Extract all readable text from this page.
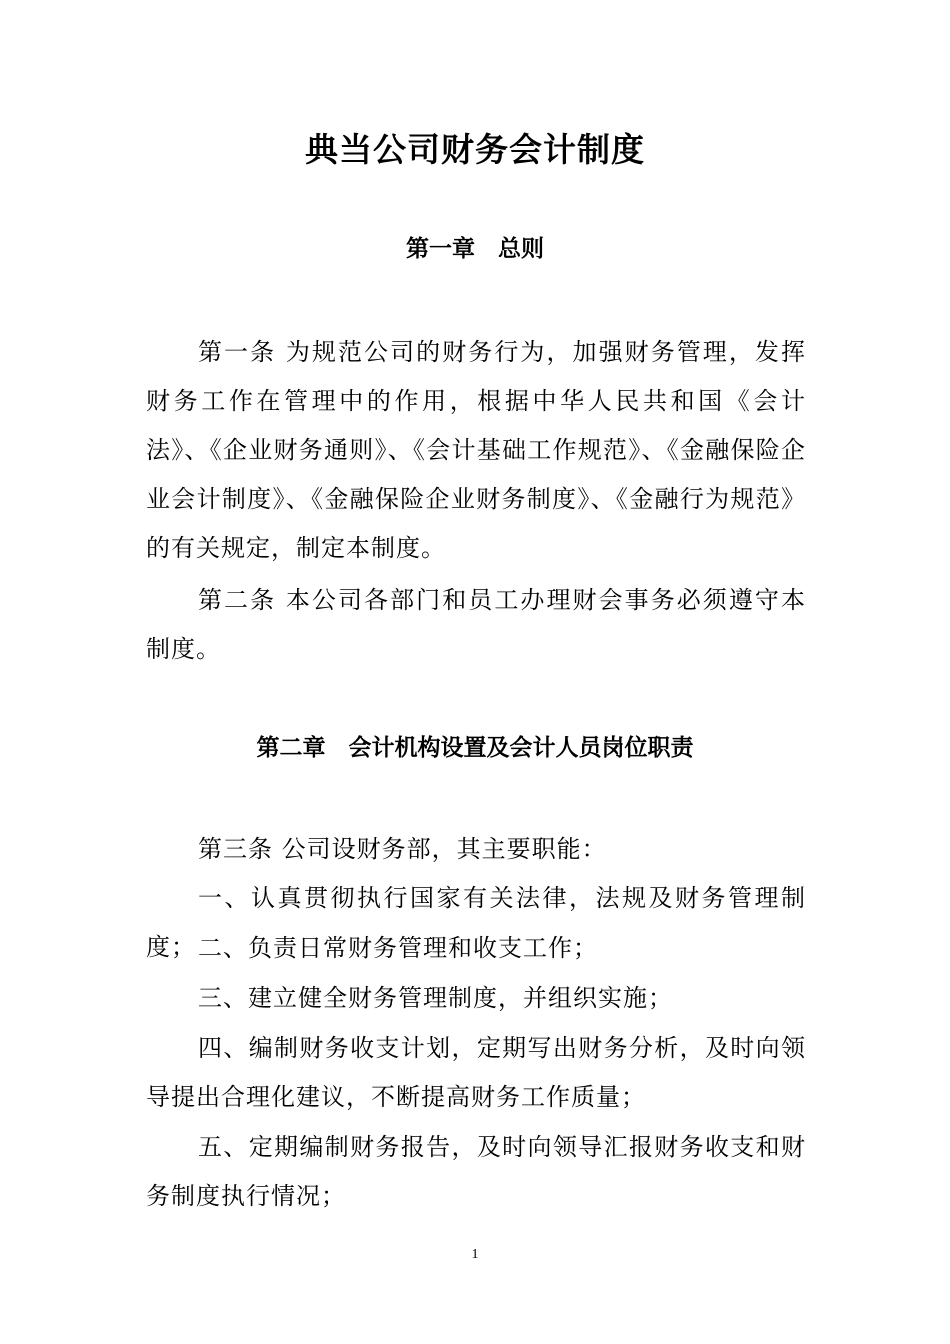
典当公司财务会计制度
第一章　总则

第一条 为规范公司的财务行为，加强财务管理，发挥财务工作在管理中的作用，根据中华人民共和国《会计法》、《企业财务通则》、《会计基础工作规范》、《金融保险企业会计制度》、《金融保险企业财务制度》、《金融行为规范》的有关规定，制定本制度。

第二条 本公司各部门和员工办理财会事务必须遵守本制度。

第二章　会计机构设置及会计人员岗位职责

第三条 公司设财务部，其主要职能：

一、认真贯彻执行国家有关法律，法规及财务管理制度； 二、负责日常财务管理和收支工作；

三、建立健全财务管理制度，并组织实施；

四、编制财务收支计划，定期写出财务分析，及时向领导提出合理化建议，不断提高财务工作质量；

五、定期编制财务报告，及时向领导汇报财务收支和财务制度执行情况；

1
